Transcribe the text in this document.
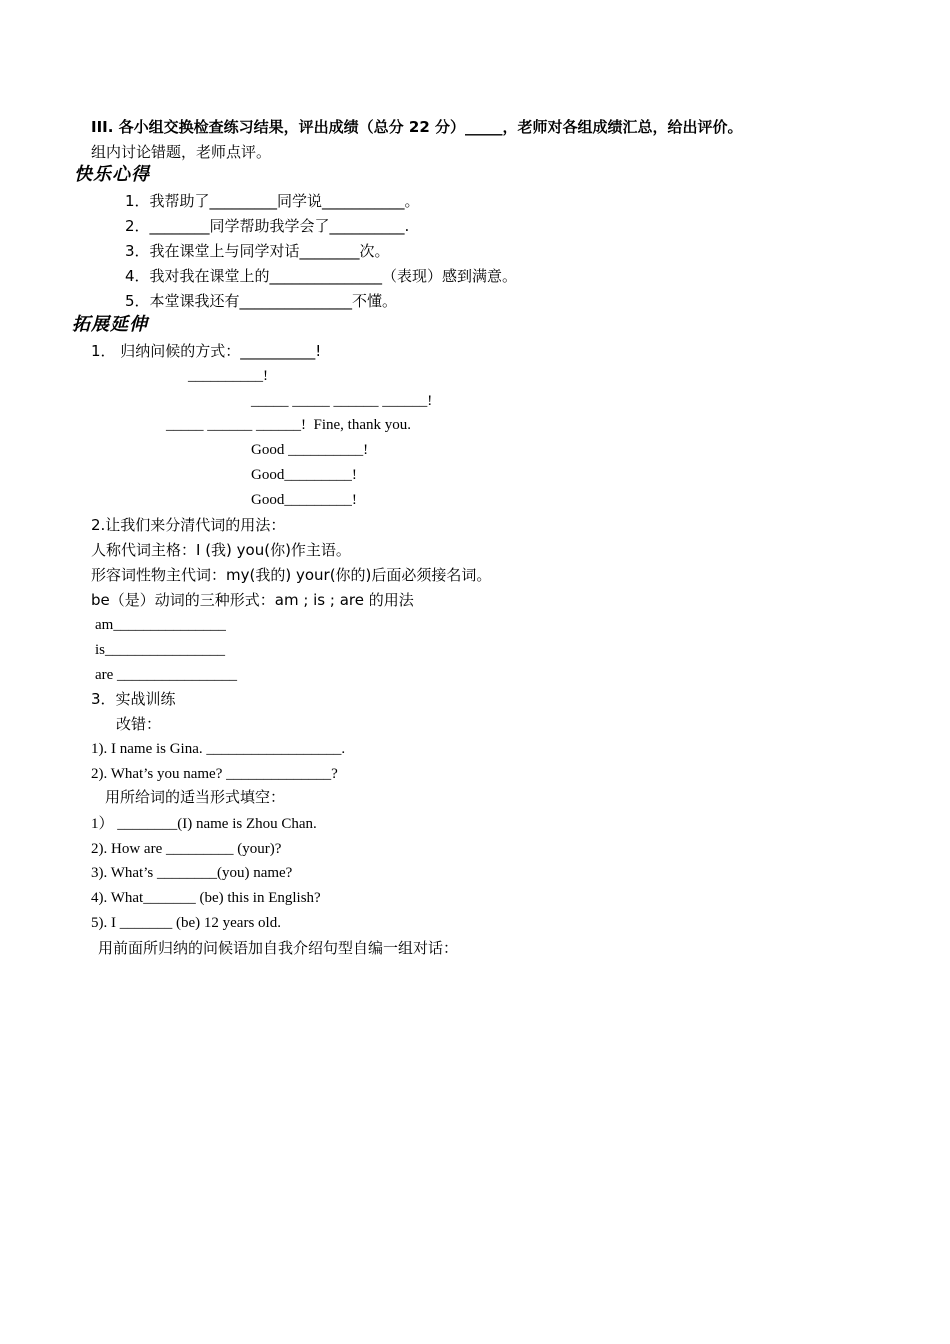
III. 各小组交换检查练习结果，评出成绩（总分 22 分）_____，老师对各组成绩汇总，给出评价。
组内讨论错题，老师点评。
快乐心得
1．我帮助了_________同学说___________。
2．________同学帮助我学会了__________.
3．我在课堂上与同学对话________次。
4．我对我在课堂上的_______________（表现）感到满意。
5．本堂课我还有_______________不懂。
拓展延伸
1． 归纳问候的方式：__________!
__________!
_____ _____ ______ ______!
_____ ______ ______!  Fine, thank you.
Good __________!
Good_________!
Good_________!
2.让我们来分清代词的用法：
人称代词主格：I (我) you(你)作主语。
形容词性物主代词：my(我的) your(你的)后面必须接名词。
be（是）动词的三种形式：am ; is ; are 的用法
am_______________
is________________
are ________________
3．实战训练
改错：
1). I name is Gina. __________________.
2). What’s you name? ______________?
用所给词的适当形式填空：
1） ________(I) name is Zhou Chan.
2). How are _________ (your)?
3). What’s ________(you) name?
4). What_______ (be) this in English?
5). I _______ (be) 12 years old.
用前面所归纳的问候语加自我介绍句型自编一组对话：
